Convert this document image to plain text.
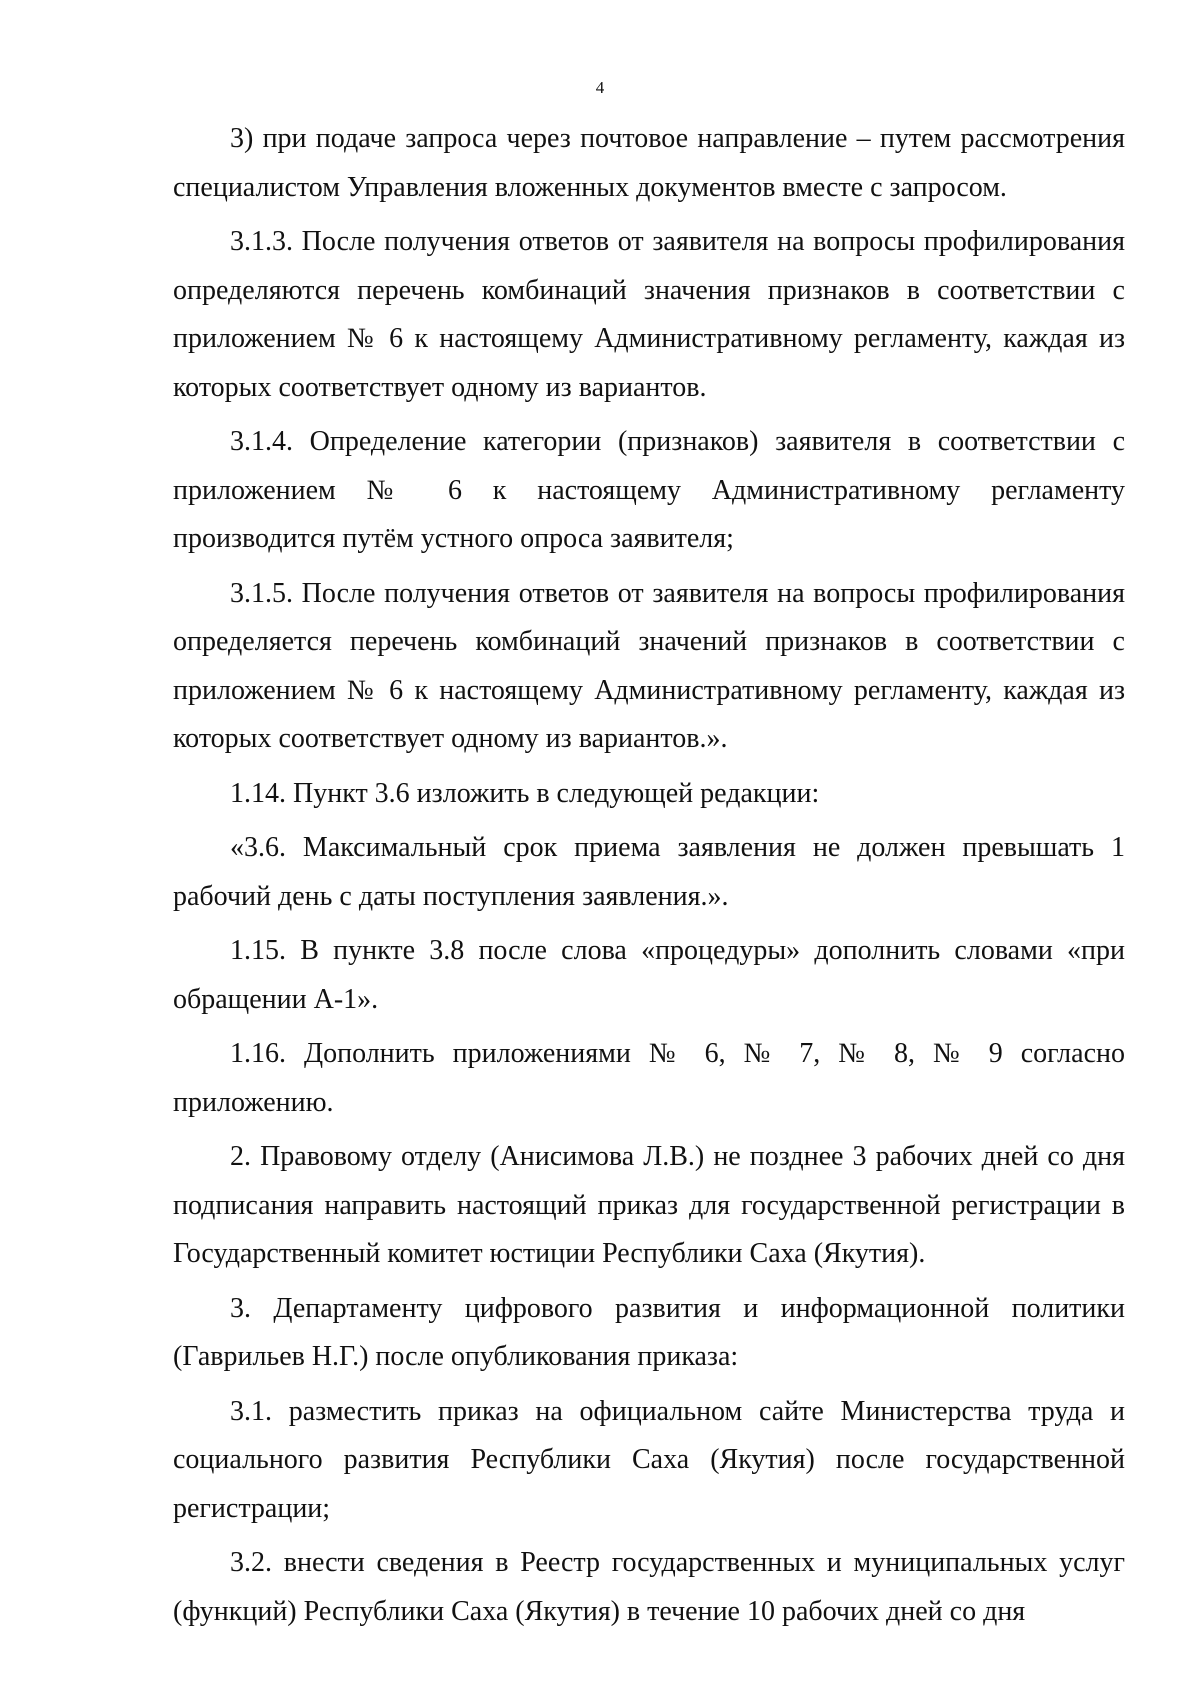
4

3) при подаче запроса через почтовое направление – путем рассмотрения специалистом Управления вложенных документов вместе с запросом.

3.1.3. После получения ответов от заявителя на вопросы профилирования определяются перечень комбинаций значения признаков в соответствии с приложением № 6 к настоящему Административному регламенту, каждая из которых соответствует одному из вариантов.

3.1.4. Определение категории (признаков) заявителя в соответствии с приложением № 6 к настоящему Административному регламенту производится путём устного опроса заявителя;

3.1.5. После получения ответов от заявителя на вопросы профилирования определяется перечень комбинаций значений признаков в соответствии с приложением № 6 к настоящему Административному регламенту, каждая из которых соответствует одному из вариантов.».

1.14. Пункт 3.6 изложить в следующей редакции:

«3.6. Максимальный срок приема заявления не должен превышать 1 рабочий день с даты поступления заявления.».

1.15. В пункте 3.8 после слова «процедуры» дополнить словами «при обращении А-1».

1.16. Дополнить приложениями № 6, № 7, № 8, № 9 согласно приложению.

2. Правовому отделу (Анисимова Л.В.) не позднее 3 рабочих дней со дня подписания направить настоящий приказ для государственной регистрации в Государственный комитет юстиции Республики Саха (Якутия).

3. Департаменту цифрового развития и информационной политики (Гаврильев Н.Г.) после опубликования приказа:

3.1. разместить приказ на официальном сайте Министерства труда и социального развития Республики Саха (Якутия) после государственной регистрации;

3.2. внести сведения в Реестр государственных и муниципальных услуг (функций) Республики Саха (Якутия) в течение 10 рабочих дней со дня
